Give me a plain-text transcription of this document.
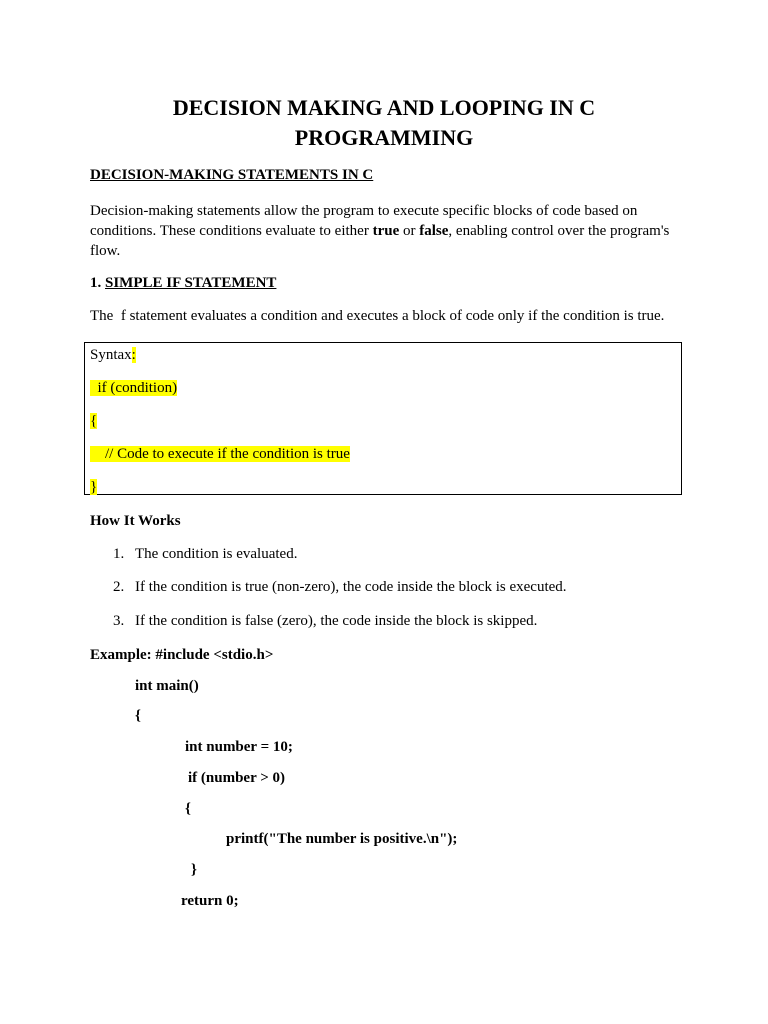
DECISION MAKING AND LOOPING IN C
PROGRAMMING
DECISION-MAKING STATEMENTS IN C
Decision-making statements allow the program to execute specific blocks of code based on conditions. These conditions evaluate to either true or false, enabling control over the program's flow.
1. SIMPLE IF STATEMENT
The  f statement evaluates a condition and executes a block of code only if the condition is true.
Syntax:
if (condition)
{
// Code to execute if the condition is true
}
How It Works
1. The condition is evaluated.
2. If the condition is true (non-zero), the code inside the block is executed.
3. If the condition is false (zero), the code inside the block is skipped.
Example: #include <stdio.h>
int main()
{
int number = 10;
if (number > 0)
{
printf("The number is positive.\n");
}
return 0;
